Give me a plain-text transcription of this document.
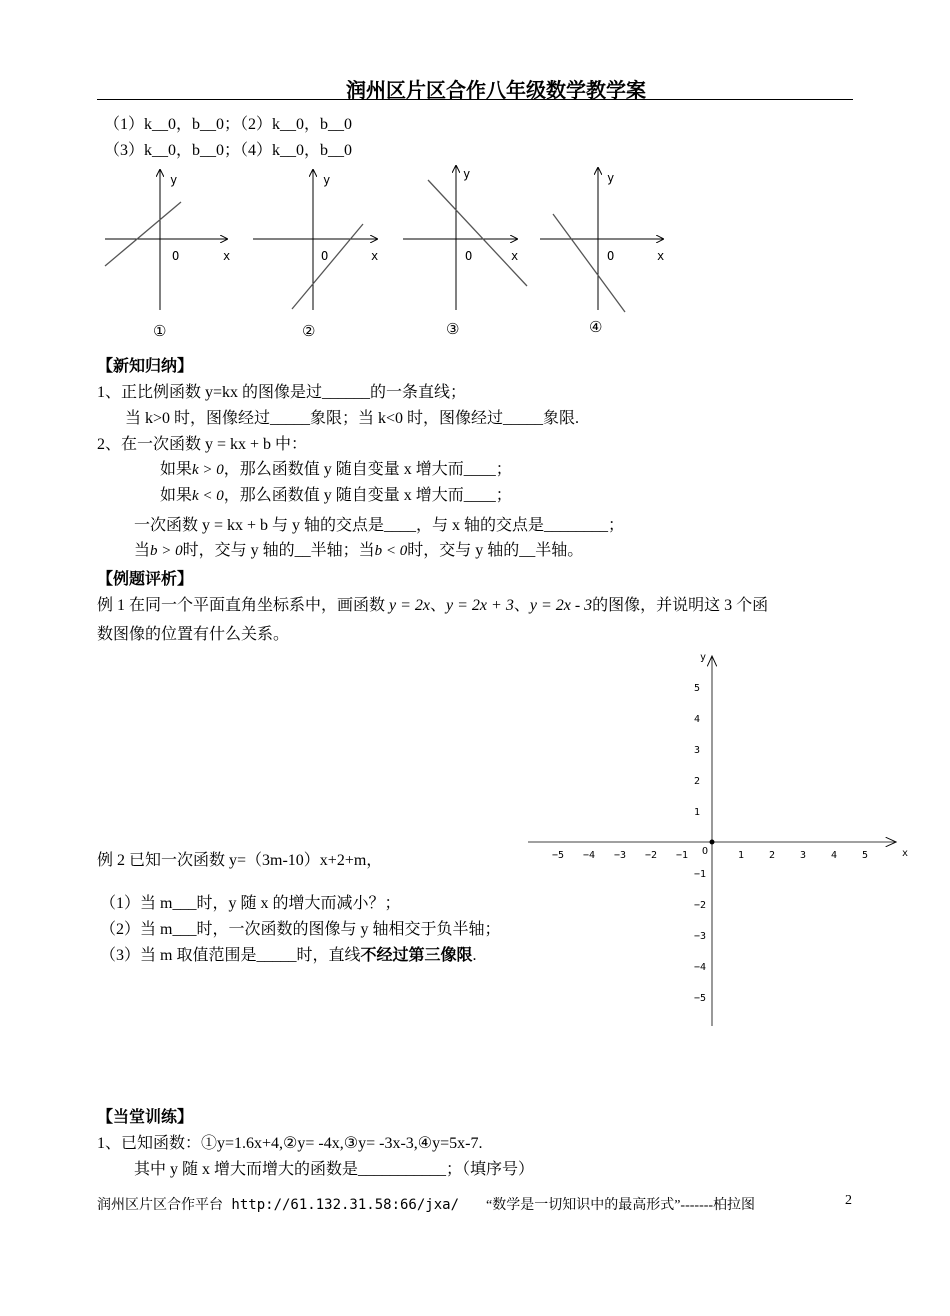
润州区片区合作八年级数学教学案
（1）k__0，b__0；（2）k__0，b__0
（3）k__0，b__0；（4）k__0，b__0
y
O	x
①
y
O	x
②
y
O	x
③
y
O	x
④
【新知归纳】
1、正比例函数 y=kx 的图像是过______的一条直线；
当 k>0 时，图像经过_____象限；当 k<0 时，图像经过_____象限.
2、在一次函数 y = kx + b 中：
如果k > 0，那么函数值 y 随自变量 x 增大而____；
如果k < 0，那么函数值 y 随自变量 x 增大而____；
一次函数 y = kx + b 与 y 轴的交点是____，与 x 轴的交点是________；
当b > 0时，交与 y 轴的__半轴；当b < 0时，交与 y 轴的__半轴。
【例题评析】
例 1 在同一个平面直角坐标系中，画函数 y = 2x、y = 2x + 3、y = 2x - 3的图像，并说明这 3 个函
数图像的位置有什么关系。
y
x
O
−5 −4 −3 −2 −1	1 2 3 4 5
5
4
3
2
1
−1
−2
−3
−4
−5
例 2 已知一次函数 y=（3m-10）x+2+m，
（1）当 m___时，y 随 x 的增大而减小？；
（2）当 m___时，一次函数的图像与 y 轴相交于负半轴；
（3）当 m 取值范围是_____时，直线不经过第三像限.
【当堂训练】
1、已知函数：①y=1.6x+4,②y= -4x,③y= -3x-3,④y=5x-7.
其中 y 随 x 增大而增大的函数是___________；（填序号）
润州区片区合作平台 http://61.132.31.58:66/jxa/ “数学是一切知识中的最高形式”-------柏拉图	2
